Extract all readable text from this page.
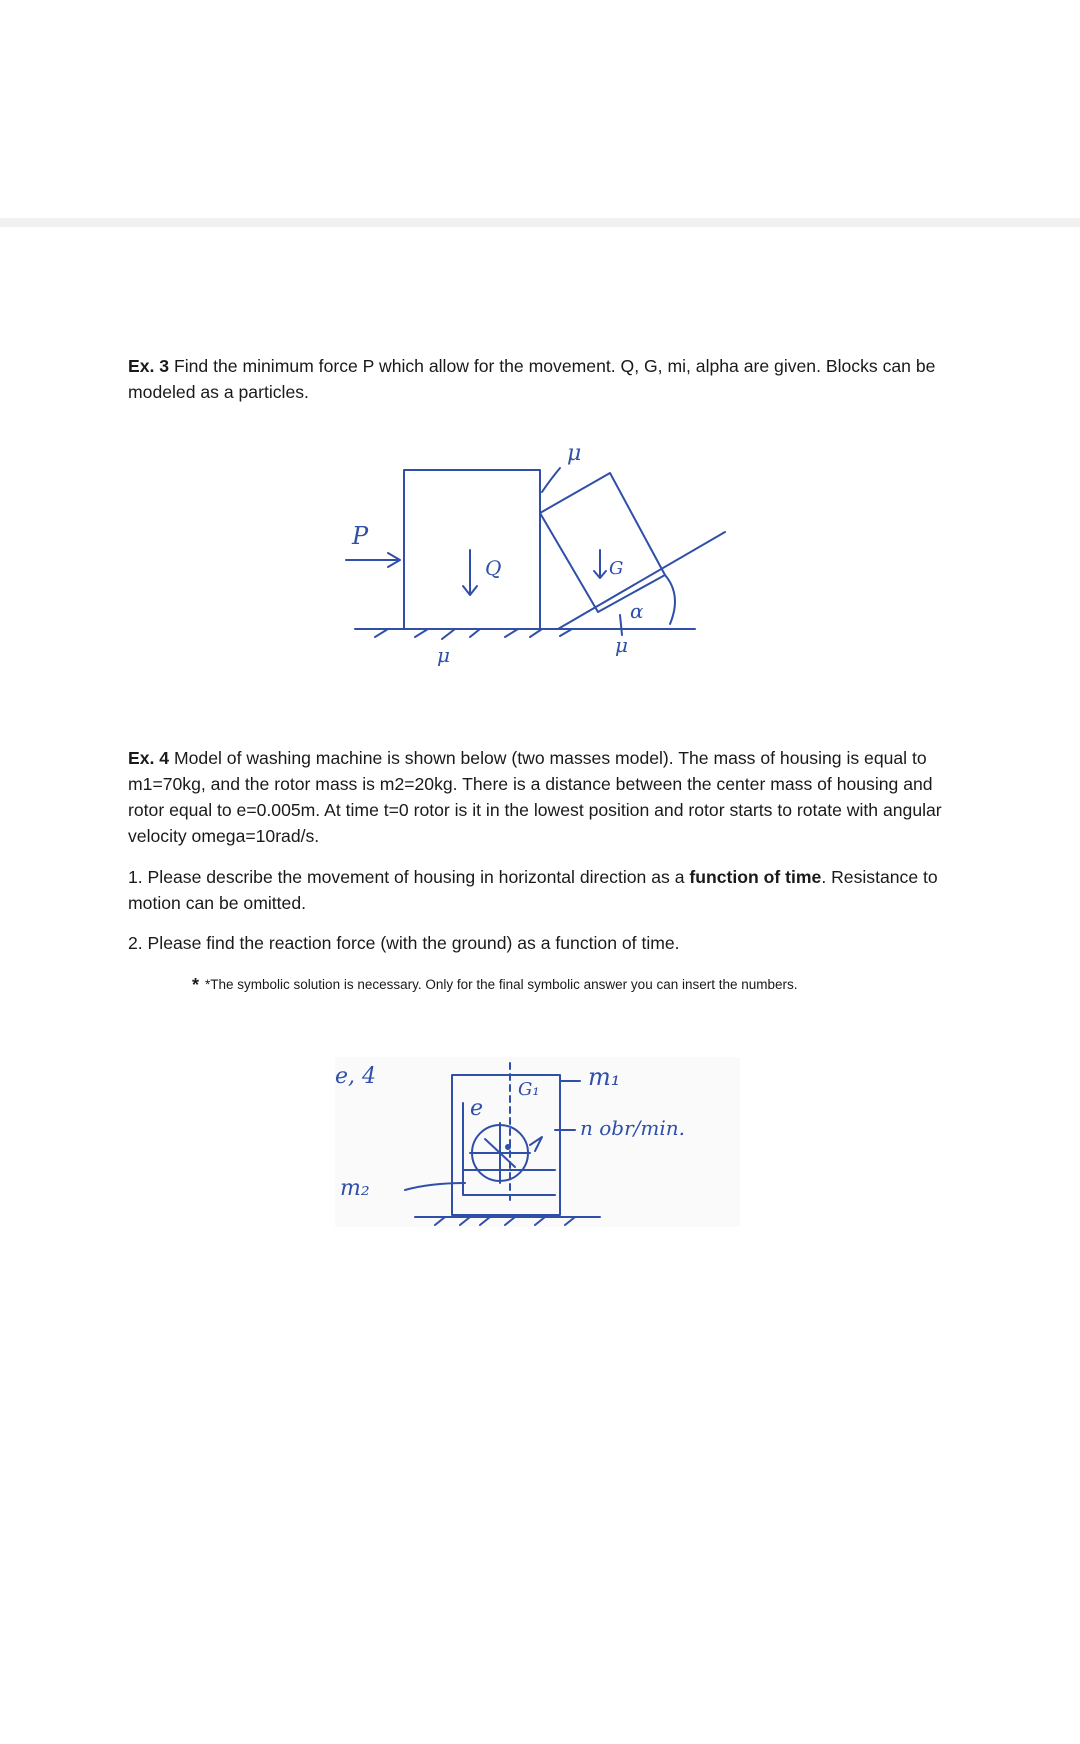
Ex. 3 Find the minimum force P which allow for the movement. Q, G, mi, alpha are given. Blocks can be modeled as a particles.
P
Q	G
α
μ
μ	μ
Ex. 4 Model of washing machine is shown below (two masses model). The mass of housing is equal to m1=70kg, and the rotor mass is m2=20kg. There is a distance between the center mass of housing and rotor equal to e=0.005m. At time t=0 rotor is it in the lowest position and rotor starts to rotate with angular velocity omega=10rad/s.
1. Please describe the movement of housing in horizontal direction as a function of time. Resistance to motion can be omitted.
2. Please find the reaction force (with the ground) as a function of time.
* *The symbolic solution is necessary. Only for the final symbolic answer you can insert the numbers.
e, 4
m₂
e
G₁ m₁
n obr/min.
